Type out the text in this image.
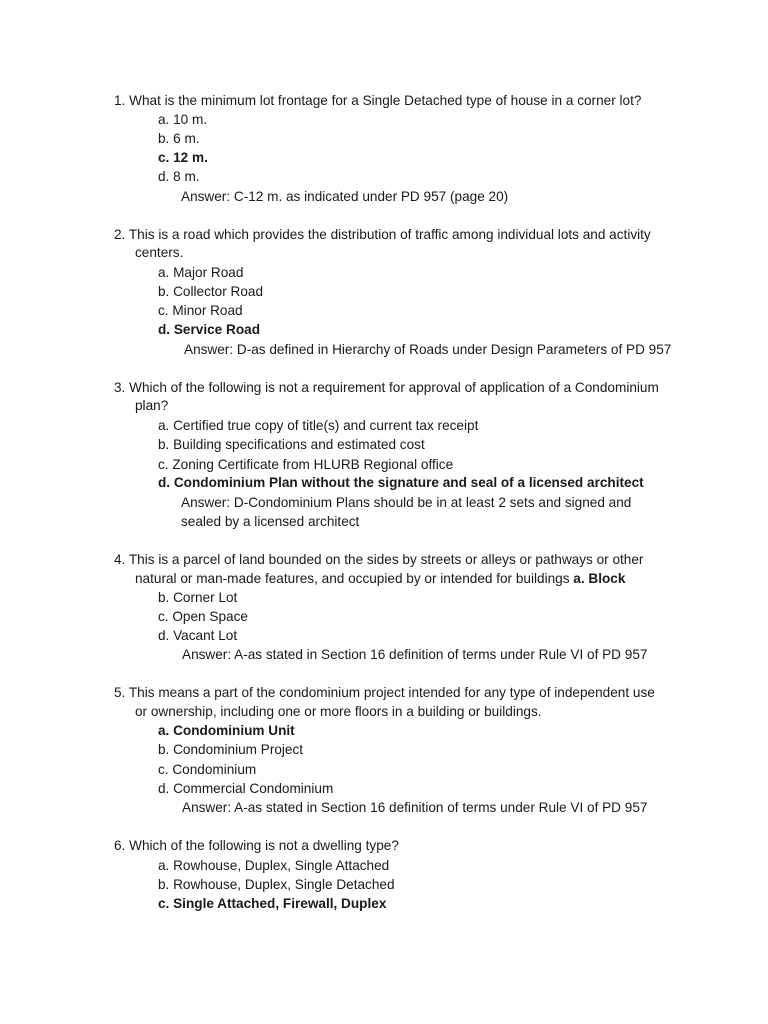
1. What is the minimum lot frontage for a Single Detached type of house in a corner lot?
a. 10 m.
b. 6 m.
c. 12 m.
d. 8 m.
Answer: C-12 m. as indicated under PD 957 (page 20)
2. This is a road which provides the distribution of traffic among individual lots and activity
centers.
a. Major Road
b. Collector Road
c. Minor Road
d. Service Road
Answer: D-as defined in Hierarchy of Roads under Design Parameters of PD 957
3. Which of the following is not a requirement for approval of application of a Condominium
plan?
a. Certified true copy of title(s) and current tax receipt
b. Building specifications and estimated cost
c. Zoning Certificate from HLURB Regional office
d. Condominium Plan without the signature and seal of a licensed architect
Answer: D-Condominium Plans should be in at least 2 sets and signed and
sealed by a licensed architect
4. This is a parcel of land bounded on the sides by streets or alleys or pathways or other
natural or man-made features, and occupied by or intended for buildings a. Block
b. Corner Lot
c. Open Space
d. Vacant Lot
Answer: A-as stated in Section 16 definition of terms under Rule VI of PD 957
5. This means a part of the condominium project intended for any type of independent use
or ownership, including one or more floors in a building or buildings.
a. Condominium Unit
b. Condominium Project
c. Condominium
d. Commercial Condominium
Answer: A-as stated in Section 16 definition of terms under Rule VI of PD 957
6. Which of the following is not a dwelling type?
a. Rowhouse, Duplex, Single Attached
b. Rowhouse, Duplex, Single Detached
c. Single Attached, Firewall, Duplex
